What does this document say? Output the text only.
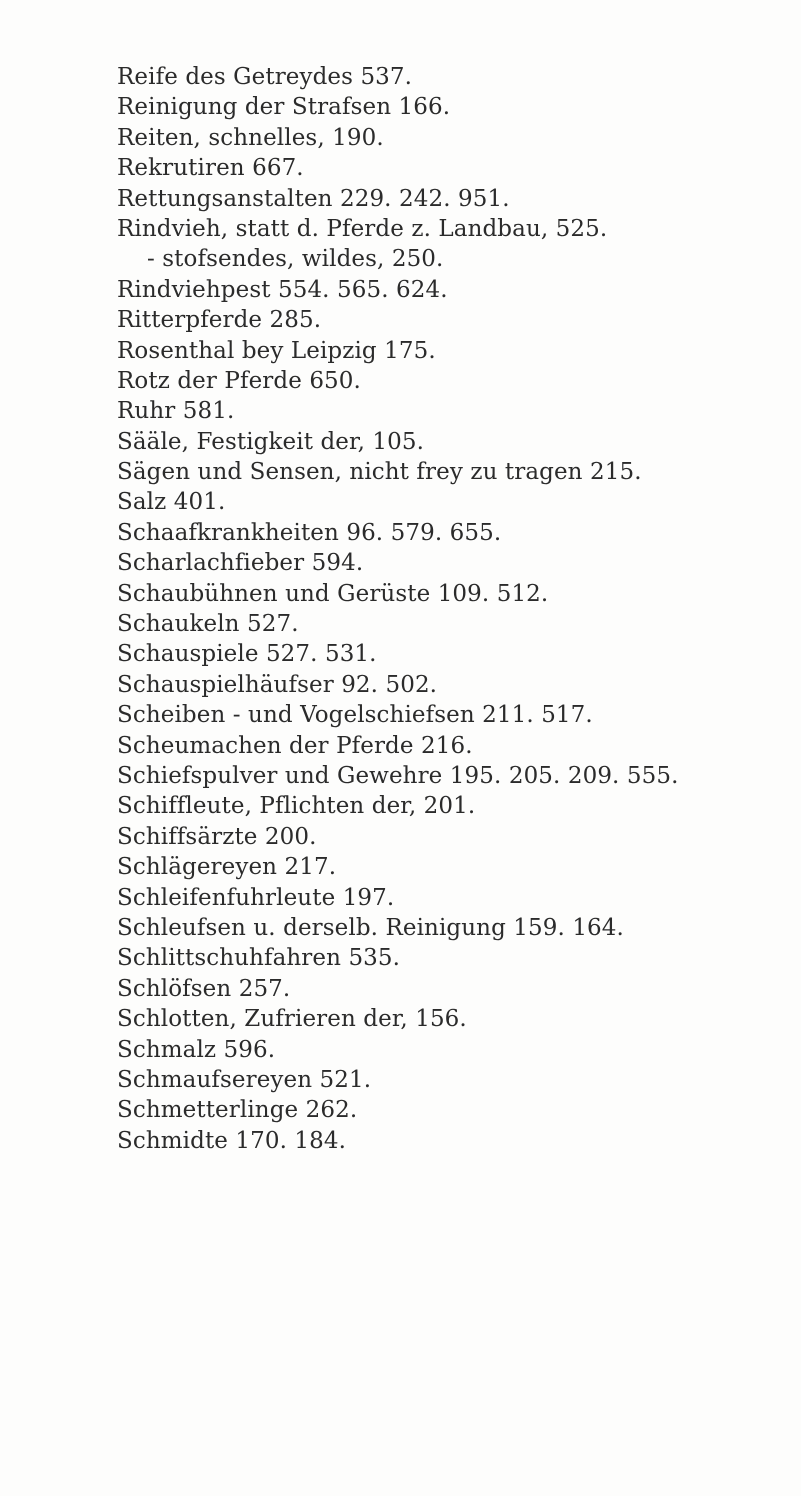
Reife des Getreydes 537.
Reinigung der Strafsen 166.
Reiten, schnelles, 190.
Rekrutiren 667.
Rettungsanstalten 229. 242. 951.
Rindvieh, statt d. Pferde z. Landbau, 525.
- stofsendes, wildes, 250.
Rindviehpest 554. 565. 624.
Ritterpferde 285.
Rosenthal bey Leipzig 175.
Rotz der Pferde 650.
Ruhr 581.
Sääle, Festigkeit der, 105.
Sägen und Sensen, nicht frey zu tragen 215.
Salz 401.
Schaafkrankheiten 96. 579. 655.
Scharlachfieber 594.
Schaubühnen und Gerüste 109. 512.
Schaukeln 527.
Schauspiele 527. 531.
Schauspielhäufser 92. 502.
Scheiben - und Vogelschiefsen 211. 517.
Scheumachen der Pferde 216.
Schiefspulver und Gewehre 195. 205. 209. 555.
Schiffleute, Pflichten der, 201.
Schiffsärzte 200.
Schlägereyen 217.
Schleifenfuhrleute 197.
Schleufsen u. derselb. Reinigung 159. 164.
Schlittschuhfahren 535.
Schlöfsen 257.
Schlotten, Zufrieren der, 156.
Schmalz 596.
Schmaufsereyen 521.
Schmetterlinge 262.
Schmidte 170. 184.
